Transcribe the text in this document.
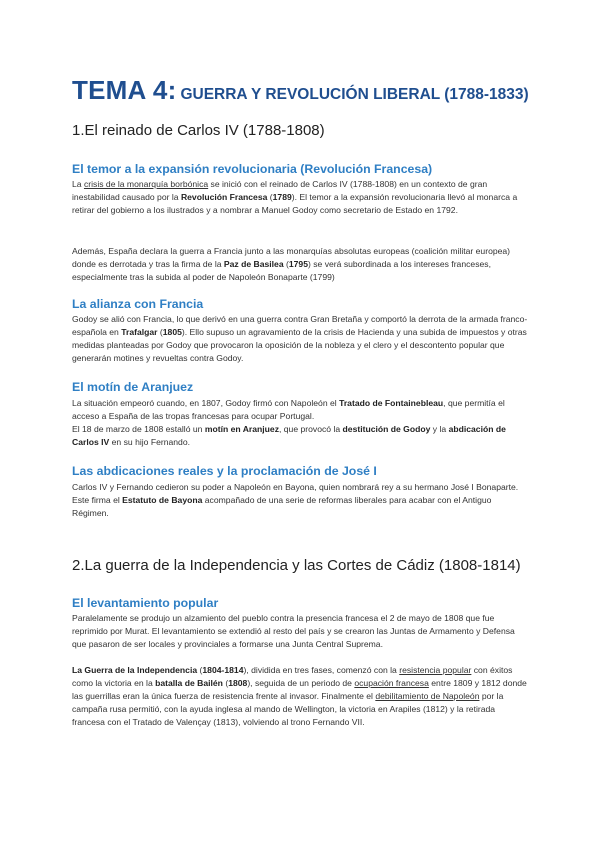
TEMA 4: GUERRA Y REVOLUCIÓN LIBERAL (1788-1833)
1.El reinado de Carlos IV (1788-1808)
El temor a la expansión revolucionaria (Revolución Francesa)

La crisis de la monarquía borbónica se inició con el reinado de Carlos IV (1788-1808) en un contexto de gran inestabilidad causado por la Revolución Francesa (1789). El temor a la expansión revolucionaria llevó al monarca a retirar del gobierno a los ilustrados y a nombrar a Manuel Godoy como secretario de Estado en 1792.

Además, España declara la guerra a Francia junto a las monarquías absolutas europeas (coalición militar europea) donde es derrotada y tras la firma de la Paz de Basilea (1795) se verá subordinada a los intereses franceses, especialmente tras la subida al poder de Napoleón Bonaparte (1799)

La alianza con Francia

Godoy se alió con Francia, lo que derivó en una guerra contra Gran Bretaña y comportó la derrota de la armada franco-española en Trafalgar (1805). Ello supuso un agravamiento de la crisis de Hacienda y una subida de impuestos y otras medidas planteadas por Godoy que provocaron la oposición de la nobleza y el clero y el descontento popular que generarán motines y revueltas contra Godoy.

El motín de Aranjuez

La situación empeoró cuando, en 1807, Godoy firmó con Napoleón el Tratado de Fontainebleau, que permitía el acceso a España de las tropas francesas para ocupar Portugal.

El 18 de marzo de 1808 estalló un motín en Aranjuez, que provocó la destitución de Godoy y la abdicación de Carlos IV en su hijo Fernando.

Las abdicaciones reales y la proclamación de José I

Carlos IV y Fernando cedieron su poder a Napoleón en Bayona, quien nombrará rey a su hermano José I Bonaparte. Este firma el Estatuto de Bayona acompañado de una serie de reformas liberales para acabar con el Antiguo Régimen.

2.La guerra de la Independencia y las Cortes de Cádiz (1808-1814)
El levantamiento popular

Paralelamente se produjo un alzamiento del pueblo contra la presencia francesa el 2 de mayo de 1808 que fue reprimido por Murat. El levantamiento se extendió al resto del país y se crearon las Juntas de Armamento y Defensa que pasaron de ser locales y provinciales a formarse una Junta Central Suprema.

La Guerra de la Independencia (1804-1814), dividida en tres fases, comenzó con la resistencia popular con éxitos como la victoria en la batalla de Bailén (1808), seguida de un periodo de ocupación francesa entre 1809 y 1812 donde las guerrillas eran la única fuerza de resistencia frente al invasor. Finalmente el debilitamiento de Napoleón por la campaña rusa permitió, con la ayuda inglesa al mando de Wellington, la victoria en Arapiles (1812) y la retirada francesa con el Tratado de Valençay (1813), volviendo al trono Fernando VII.
